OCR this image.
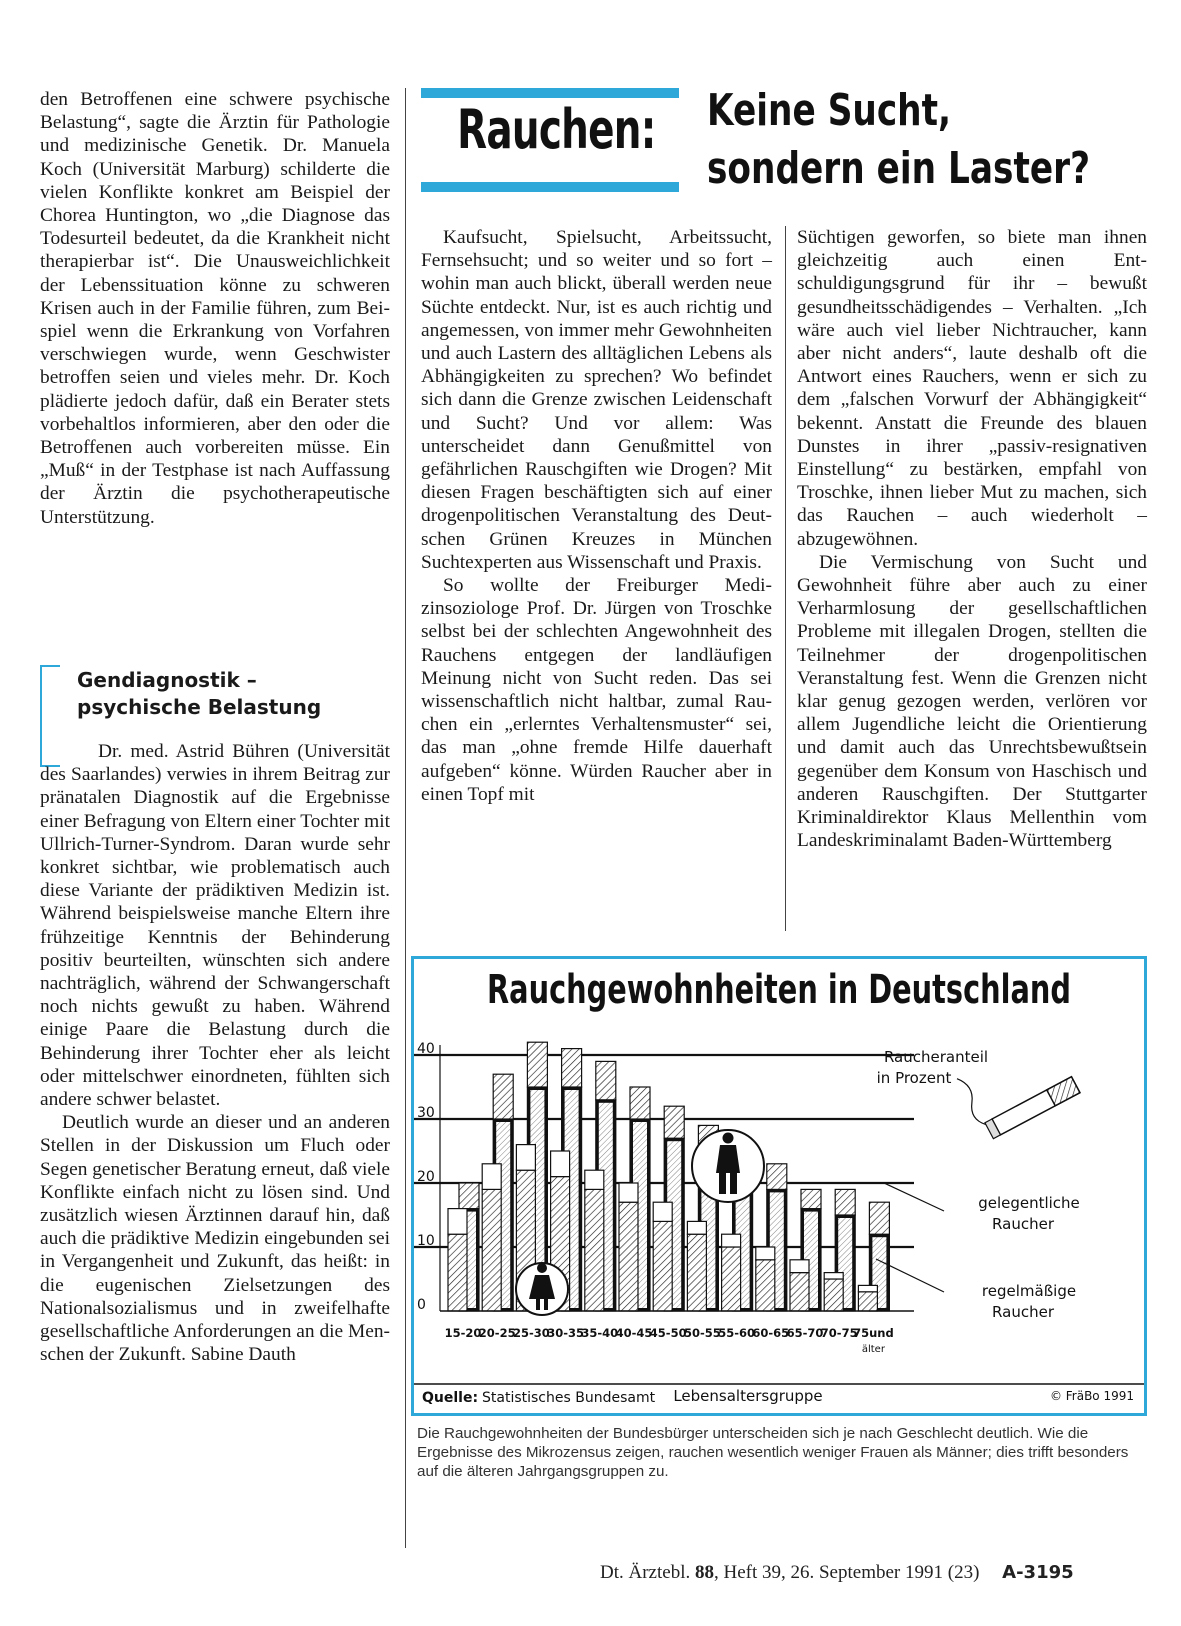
den Betroffenen eine schwere psychische Belastung“, sagte die Ärztin für Pathologie und medizinische Genetik. Dr. Manuela Koch (Universität Marburg) schilderte die vielen Konflikte konkret am Beispiel der Chorea Huntington, wo „die Diagnose das Todesurteil bedeutet, da die Krankheit nicht therapierbar ist“. Die Unausweichlichkeit der Lebenssituation könne zu schweren Krisen auch in der Familie führen, zum Beispiel wenn die Erkrankung von Vorfahren verschwiegen wurde, wenn Geschwister betroffen seien und vieles mehr. Dr. Koch plädierte jedoch dafür, daß ein Berater stets vorbehaltlos informieren, aber den oder die Betroffenen auch vorbereiten müsse. Ein „Muß“ in der Testphase ist nach Auffassung der Ärztin die psychotherapeutische Unterstützung.

Gendiagnostik –
psychische Belastung

Dr. med. Astrid Bühren (Universität des Saarlandes) verwies in ihrem Beitrag zur pränatalen Diagnostik auf die Ergebnisse einer Befragung von Eltern einer Tochter mit Ullrich-Turner-Syndrom. Daran wurde sehr konkret sichtbar, wie problematisch auch diese Variante der prädiktiven Medizin ist. Während beispielsweise manche Eltern ihre frühzeitige Kenntnis der Behinderung positiv beurteilten, wünschten sich andere nachträglich, während der Schwangerschaft noch nichts gewußt zu haben. Während einige Paare die Belastung durch die Behinderung ihrer Tochter eher als leicht oder mittelschwer einordneten, fühlten sich andere schwer belastet.

Deutlich wurde an dieser und an anderen Stellen in der Diskussion um Fluch oder Segen genetischer Beratung erneut, daß viele Konflikte einfach nicht zu lösen sind. Und zusätzlich wiesen Ärztinnen darauf hin, daß auch die prädiktive Medizin eingebunden sei in Vergangenheit und Zukunft, das heißt: in die eugenischen Zielsetzungen des Nationalsozialismus und in zweifelhafte gesellschaftliche Anforderungen an die Menschen der Zukunft. Sabine Dauth

Rauchen: Keine Sucht,
sondern ein Laster?

Kaufsucht, Spielsucht, Arbeitssucht, Fernsehsucht; und so weiter und so fort – wohin man auch blickt, überall werden neue Süchte entdeckt. Nur, ist es auch richtig und angemessen, von immer mehr Gewohnheiten und auch Lastern des alltäglichen Lebens als Abhängigkeiten zu sprechen? Wo befindet sich dann die Grenze zwischen Leidenschaft und Sucht? Und vor allem: Was unterscheidet dann Genußmittel von gefährlichen Rauschgiften wie Drogen? Mit diesen Fragen beschäftigten sich auf einer drogenpolitischen Veranstaltung des Deutschen Grünen Kreuzes in München Suchtexperten aus Wissenschaft und Praxis.

So wollte der Freiburger Medizinsoziologe Prof. Dr. Jürgen von Troschke selbst bei der schlechten Angewohnheit des Rauchens entgegen der landläufigen Meinung nicht von Sucht reden. Das sei wissenschaftlich nicht haltbar, zumal Rauchen ein „erlerntes Verhaltensmuster“ sei, das man „ohne fremde Hilfe dauerhaft aufgeben“ könne. Würden Raucher aber in einen Topf mit

Süchtigen geworfen, so biete man ihnen gleichzeitig auch einen Entschuldigungsgrund für ihr – bewußt gesundheitsschädigendes – Verhalten. „Ich wäre auch viel lieber Nichtraucher, kann aber nicht anders“, laute deshalb oft die Antwort eines Rauchers, wenn er sich zu dem „falschen Vorwurf der Abhängigkeit“ bekennt. Anstatt die Freunde des blauen Dunstes in ihrer „passiv-resignativen Einstellung“ zu bestärken, empfahl von Troschke, ihnen lieber Mut zu machen, sich das Rauchen – auch wiederholt – abzugewöhnen.

Die Vermischung von Sucht und Gewohnheit führe aber auch zu einer Verharmlosung der gesellschaftlichen Probleme mit illegalen Drogen, stellten die Teilnehmer der drogenpolitischen Veranstaltung fest. Wenn die Grenzen nicht klar genug gezogen werden, verlören vor allem Jugendliche leicht die Orientierung und damit auch das Unrechtsbewußtsein gegenüber dem Konsum von Haschisch und anderen Rauschgiften. Der Stuttgarter Kriminaldirektor Klaus Mellenthin vom Landeskriminalamt Baden-Württemberg

Rauchgewohnheiten in Deutschland
0
10
20
30
40
15-20
20-25
25-30
30-35
35-40
40-45
45-50
50-55
55-60
60-65
65-70
70-75
75und
älter
Raucheranteil
in Prozent
gelegentliche
Raucher
regelmäßige
Raucher
Lebensaltersgruppe
Quelle: Statistisches Bundesamt	© FräBo 1991
Die Rauchgewohnheiten der Bundesbürger unterscheiden sich je nach Geschlecht deutlich. Wie die Ergebnisse des Mikrozensus zeigen, rauchen wesentlich weniger Frauen als Männer; dies trifft besonders auf die älteren Jahrgangsgruppen zu.
Dt. Ärztebl. 88, Heft 39, 26. September 1991 (23) A-3195
